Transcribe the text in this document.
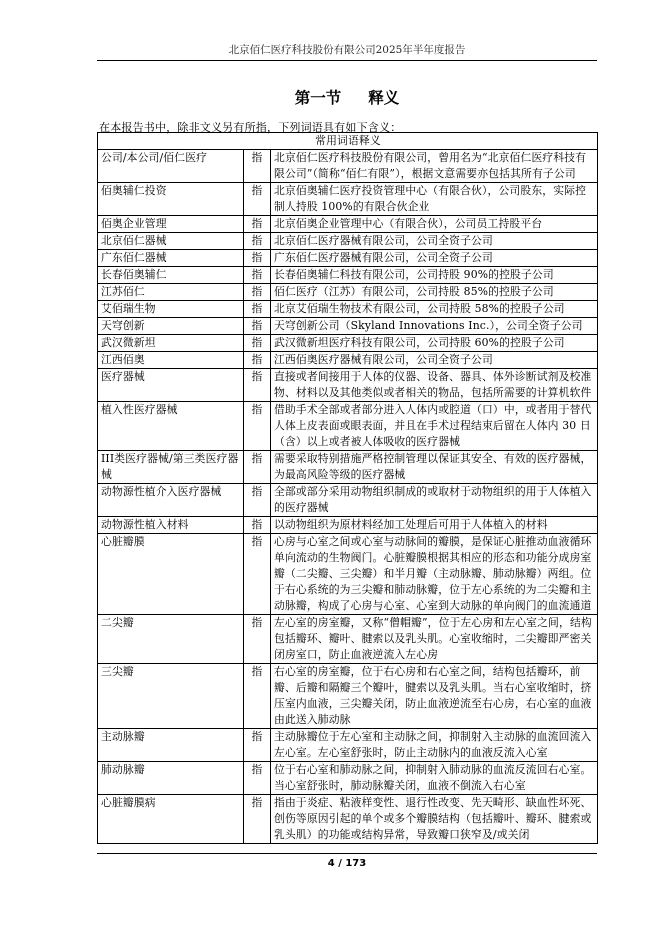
北京佰仁医疗科技股份有限公司2025年半年度报告
第一节 释义
在本报告书中，除非文义另有所指，下列词语具有如下含义：
常用词语释义		
公司/本公司/佰仁医疗	指	北京佰仁医疗科技股份有限公司，曾用名为“北京佰仁医疗科技有限公司”（简称“佰仁有限”），根据文意需要亦包括其所有子公司
佰奥辅仁投资	指	北京佰奥辅仁医疗投资管理中心（有限合伙），公司股东，实际控制人持股 100%的有限合伙企业
佰奥企业管理	指	北京佰奥企业管理中心（有限合伙），公司员工持股平台
北京佰仁器械	指	北京佰仁医疗器械有限公司，公司全资子公司
广东佰仁器械	指	广东佰仁医疗器械有限公司，公司全资子公司
长春佰奥辅仁	指	长春佰奥辅仁科技有限公司，公司持股 90%的控股子公司
江苏佰仁	指	佰仁医疗（江苏）有限公司，公司持股 85%的控股子公司
艾佰瑞生物	指	北京艾佰瑞生物技术有限公司，公司持股 58%的控股子公司
天穹创新	指	天穹创新公司（Skyland Innovations Inc.），公司全资子公司
武汉微新坦	指	武汉微新坦医疗科技有限公司，公司持股 60%的控股子公司
江西佰奥	指	江西佰奥医疗器械有限公司，公司全资子公司
医疗器械	指	直接或者间接用于人体的仪器、设备、器具、体外诊断试剂及校准物、材料以及其他类似或者相关的物品，包括所需要的计算机软件
植入性医疗器械	指	借助手术全部或者部分进入人体内或腔道（口）中，或者用于替代人体上皮表面或眼表面，并且在手术过程结束后留在人体内 30 日（含）以上或者被人体吸收的医疗器械
III类医疗器械/第三类医疗器械	指	需要采取特别措施严格控制管理以保证其安全、有效的医疗器械，为最高风险等级的医疗器械
动物源性植介入医疗器械	指	全部或部分采用动物组织制成的或取材于动物组织的用于人体植入的医疗器械
动物源性植入材料	指	以动物组织为原材料经加工处理后可用于人体植入的材料
心脏瓣膜	指	心房与心室之间或心室与动脉间的瓣膜，是保证心脏推动血液循环单向流动的生物阀门。心脏瓣膜根据其相应的形态和功能分成房室瓣（二尖瓣、三尖瓣）和半月瓣（主动脉瓣、肺动脉瓣）两组。位于右心系统的为三尖瓣和肺动脉瓣，位于左心系统的为二尖瓣和主动脉瓣，构成了心房与心室、心室到大动脉的单向阀门的血流通道
二尖瓣	指	左心室的房室瓣，又称“僧帽瓣”，位于左心房和左心室之间，结构包括瓣环、瓣叶、腱索以及乳头肌。心室收缩时，二尖瓣即严密关闭房室口，防止血液逆流入左心房
三尖瓣	指	右心室的房室瓣，位于右心房和右心室之间，结构包括瓣环，前瓣、后瓣和隔瓣三个瓣叶，腱索以及乳头肌。当右心室收缩时，挤压室内血液，三尖瓣关闭，防止血液逆流至右心房，右心室的血液由此送入肺动脉
主动脉瓣	指	主动脉瓣位于左心室和主动脉之间，抑制射入主动脉的血流回流入左心室。左心室舒张时，防止主动脉内的血液反流入心室
肺动脉瓣	指	位于右心室和肺动脉之间，抑制射入肺动脉的血流反流回右心室。当心室舒张时，肺动脉瓣关闭，血液不倒流入右心室
心脏瓣膜病	指	指由于炎症、粘液样变性、退行性改变、先天畸形、缺血性坏死、创伤等原因引起的单个或多个瓣膜结构（包括瓣叶、瓣环、腱索或乳头肌）的功能或结构异常，导致瓣口狭窄及/或关闭
4 / 173
